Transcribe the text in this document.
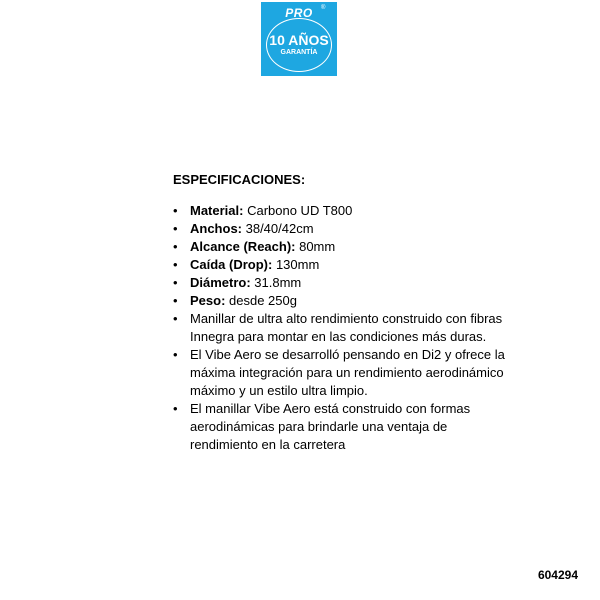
PRO	®
10 AÑOS
GARANTÍA
ESPECIFICACIONES:
• Material: Carbono UD T800
• Anchos: 38/40/42cm
• Alcance (Reach): 80mm
• Caída (Drop): 130mm
• Diámetro: 31.8mm
• Peso: desde 250g
• Manillar de ultra alto rendimiento construido con fibras Innegra para montar en las condiciones más duras.
• El Vibe Aero se desarrolló pensando en Di2 y ofrece la máxima integración para un rendimiento aerodinámico máximo y un estilo ultra limpio.
• El manillar Vibe Aero está construido con formas aerodinámicas para brindarle una ventaja de rendimiento en la carretera
604294
